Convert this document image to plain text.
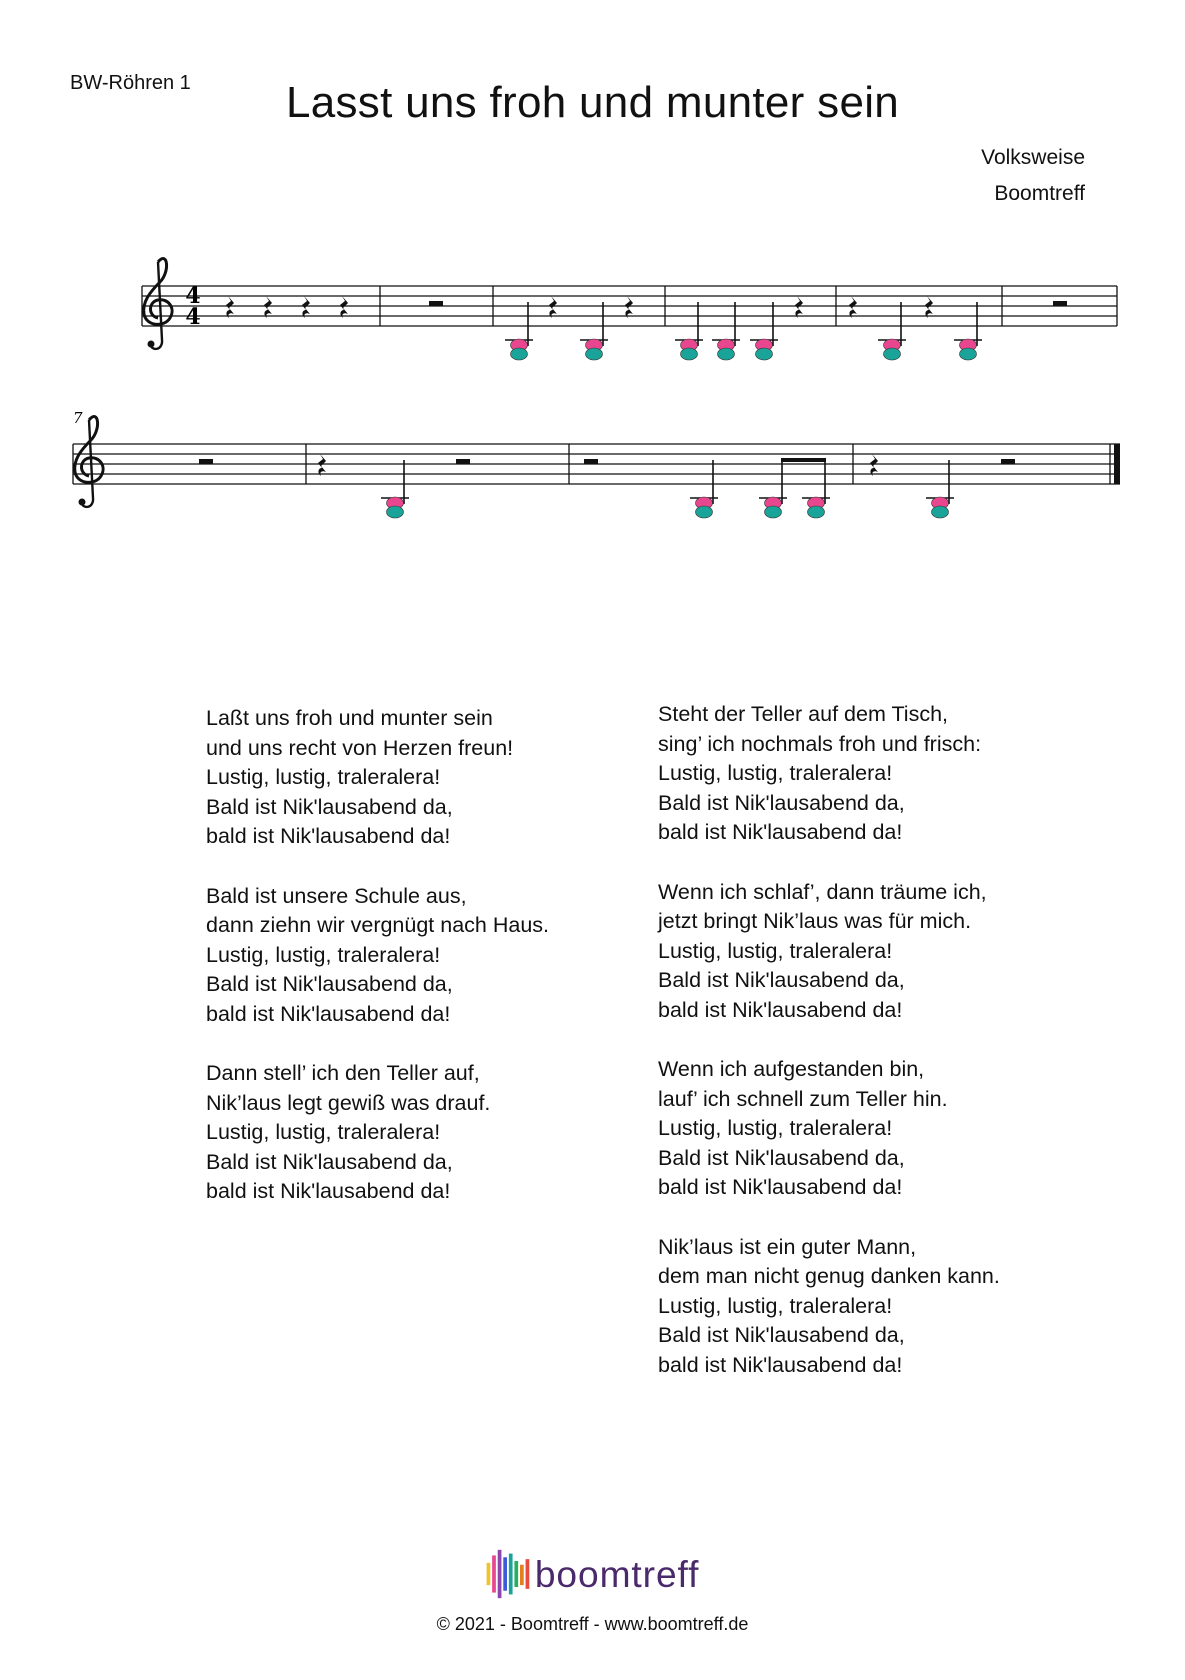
BW-Röhren 1	Lasst uns froh und munter sein
Volksweise
Boomtreff
4
4
7
Laßt uns froh und munter sein
und uns recht von Herzen freun!
Lustig, lustig, traleralera!
Bald ist Nik'lausabend da,
bald ist Nik'lausabend da!
Bald ist unsere Schule aus,
dann ziehn wir vergnügt nach Haus.
Lustig, lustig, traleralera!
Bald ist Nik'lausabend da,
bald ist Nik'lausabend da!
Dann stell’ ich den Teller auf,
Nik’laus legt gewiß was drauf.
Lustig, lustig, traleralera!
Bald ist Nik'lausabend da,
bald ist Nik'lausabend da!
Steht der Teller auf dem Tisch,
sing’ ich nochmals froh und frisch:
Lustig, lustig, traleralera!
Bald ist Nik'lausabend da,
bald ist Nik'lausabend da!
Wenn ich schlaf’, dann träume ich,
jetzt bringt Nik’laus was für mich.
Lustig, lustig, traleralera!
Bald ist Nik'lausabend da,
bald ist Nik'lausabend da!
Wenn ich aufgestanden bin,
lauf’ ich schnell zum Teller hin.
Lustig, lustig, traleralera!
Bald ist Nik'lausabend da,
bald ist Nik'lausabend da!
Nik’laus ist ein guter Mann,
dem man nicht genug danken kann.
Lustig, lustig, traleralera!
Bald ist Nik'lausabend da,
bald ist Nik'lausabend da!
boomtreff
© 2021 - Boomtreff - www.boomtreff.de
